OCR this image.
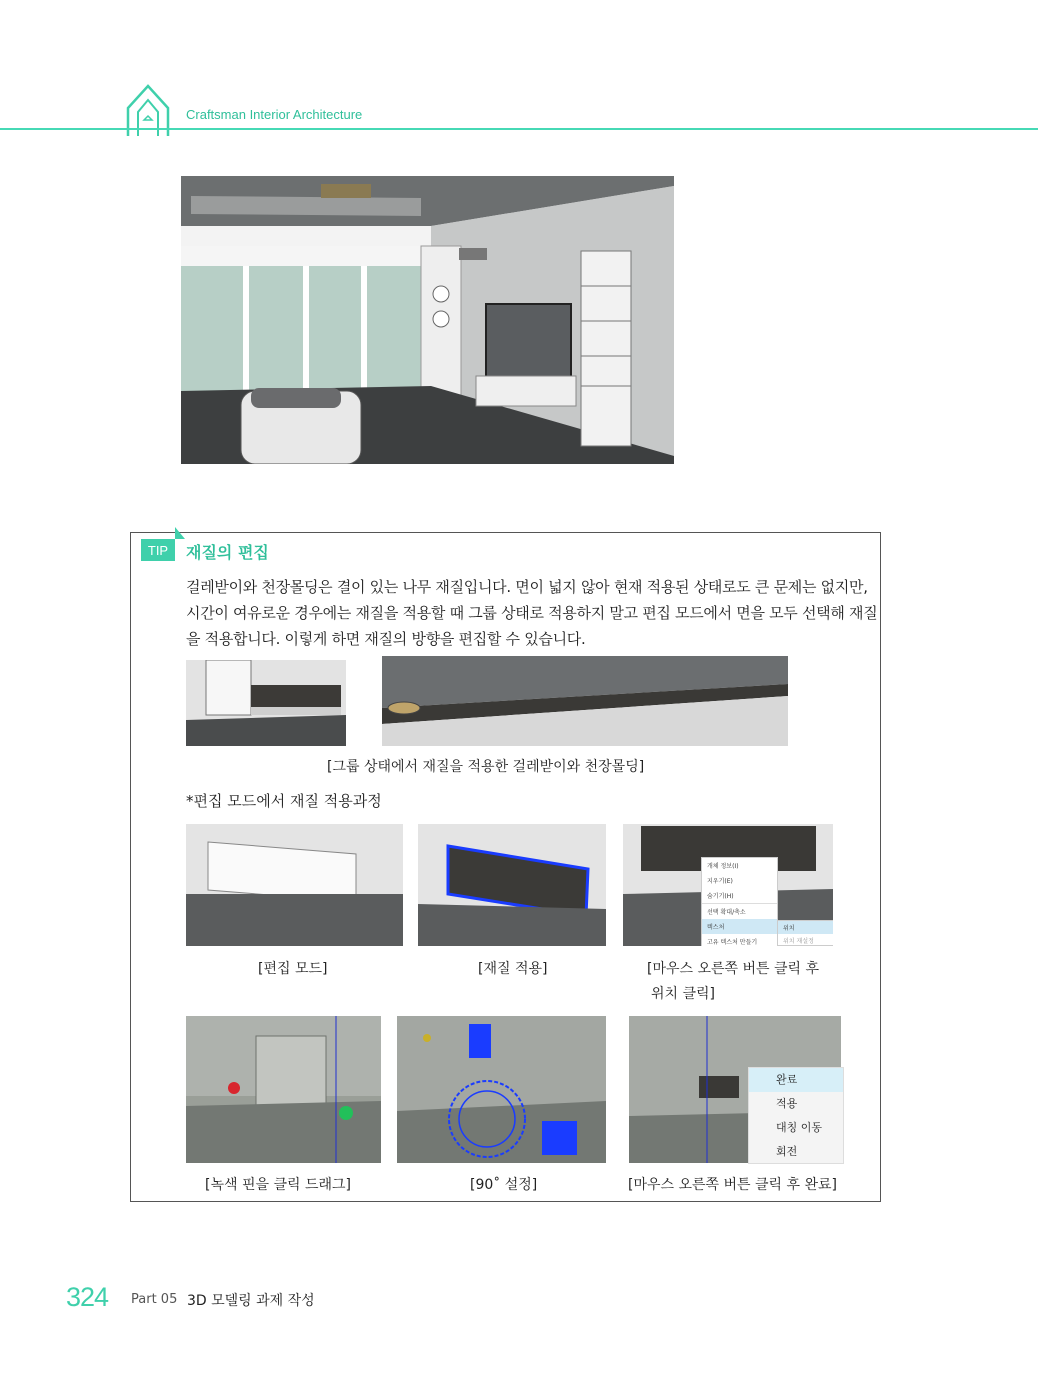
Craftsman Interior Architecture
TIP	재질의 편집
걸레받이와 천장몰딩은 결이 있는 나무 재질입니다. 면이 넓지 않아 현재 적용된 상태로도 큰 문제는 없지만, 시간이 여유로운 경우에는 재질을 적용할 때 그룹 상태로 적용하지 말고 편집 모드에서 면을 모두 선택해 재질을 적용합니다. 이렇게 하면 재질의 방향을 편집할 수 있습니다.
[그룹 상태에서 재질을 적용한 걸레받이와 천장몰딩]
*편집 모드에서 재질 적용과정
개체 정보(I)
지우기(E)
숨기기(H)
선택 확대/축소
텍스처
고유 텍스처 만들기
위치
위치 재설정
[편집 모드]	[재질 적용]	[마우스 오른쪽 버튼 클릭 후
위치 클릭]
완료
적용
대칭 이동
회전
[녹색 핀을 클릭 드래그]	[90˚ 설정]	[마우스 오른쪽 버튼 클릭 후 완료]
324 Part 05 3D 모델링 과제 작성
